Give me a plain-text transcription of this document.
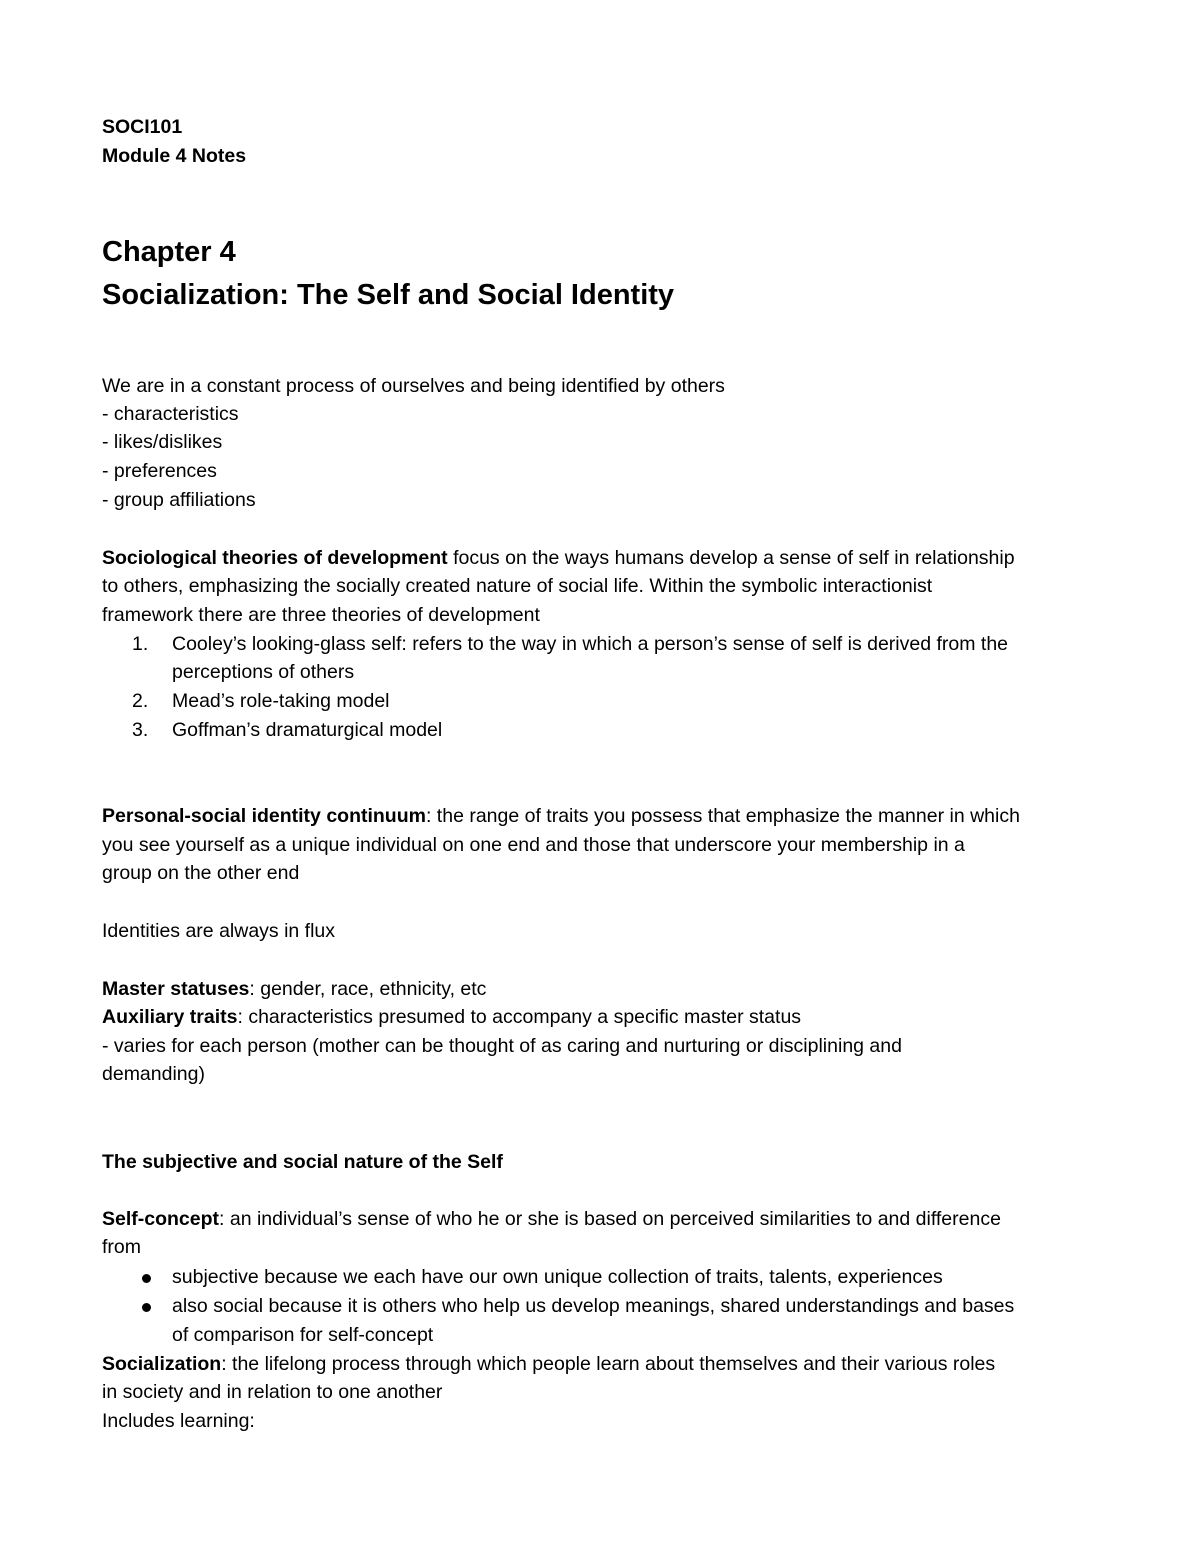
SOCI101

Module 4 Notes

Chapter 4

Socialization: The Self and Social Identity

We are in a constant process of ourselves and being identified by others

- characteristics

- likes/dislikes

- preferences

- group affiliations

Sociological theories of development focus on the ways humans develop a sense of self in relationship

to others, emphasizing the socially created nature of social life. Within the symbolic interactionist

framework there are three theories of development

1.	Cooley’s looking-glass self: refers to the way in which a person’s sense of self is derived from the
perceptions of others
2.	Mead’s role-taking model
3.	Goffman’s dramaturgical model

Personal-social identity continuum: the range of traits you possess that emphasize the manner in which

you see yourself as a unique individual on one end and those that underscore your membership in a

group on the other end

Identities are always in flux

Master statuses: gender, race, ethnicity, etc

Auxiliary traits: characteristics presumed to accompany a specific master status

- varies for each person (mother can be thought of as caring and nurturing or disciplining and

demanding)

The subjective and social nature of the Self

Self-concept: an individual’s sense of who he or she is based on perceived similarities to and difference

from

subjective because we each have our own unique collection of traits, talents, experiences
also social because it is others who help us develop meanings, shared understandings and bases
of comparison for self-concept

Socialization: the lifelong process through which people learn about themselves and their various roles

in society and in relation to one another

Includes learning:
